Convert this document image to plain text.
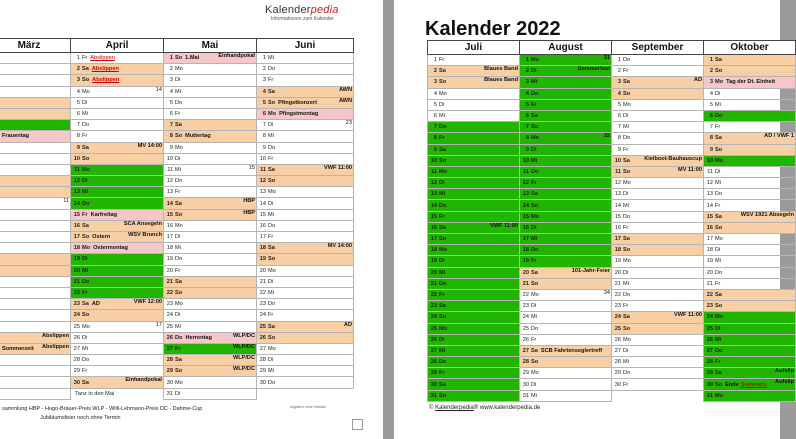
Kalenderpedia
Informationen zum Kalender
März	April	Mai	Juni
	1 Fr Abslippen	1 So 1.Mai Einhandpokal	1 Mi
	2 Sa Abslippen	2 Mo	2 Do
	3 So Abslippen	3 Di	3 Fr
	4 Mo 14	4 Mi	4 Sa AWN

	5 Di	5 Do	5 So Pfingstkonzert AWN

	6 Mi	6 Fr	6 Mo Pfingstmontag
	7 Do	7 Sa	7 Di 23

Frauentag	8 Fr	8 So Muttertag	8 Mi
	9 Sa MV 14:00	9 Mo	9 Do
	10 So	10 Di	10 Fr
	11 Mo	11 Mi 15	11 Sa VWF 11:00

	12 Di	12 Do	12 So
	13 Mi	13 Fr	13 Mo

11	14 Do	14 Sa HBP	14 Di
	15 Fr Karfreitag	15 So HBP	15 Mi
	16 Sa SCA Ansegeln	16 Mo	16 Do
	17 So Ostern WSV Brunch	17 Di	17 Fr
	18 Mo Ostermontag	18 Mi	18 Sa MV 14:00

	19 Di	19 Do	19 So
	20 Mi	20 Fr	20 Mo
	21 Do	21 Sa	21 Di
	22 Fr	22 So	22 Mi
	23 Sa AD VWF 12:00	23 Mo	23 Do
	24 So	24 Di	24 Fr
	25 Mo 17	25 Mi	25 Sa AD

Abslippen	26 Di	26 Do Herrentag WLP/DC	26 So
Sommerzeit Abslippen	27 Mi	27 Fr WLP/DC	27 Mo
	28 Do	28 Sa WLP/DC	28 Di
	29 Fr	29 So WLP/DC	29 Mi
	30 Sa Einhandpokal	30 Mo	30 Do
	Tanz in den Mai	31 Di	
sammlung HBP - Hugo-Bräuer-Preis WLP - Willi-Lehmann-Preis DC - Dahme-Cup
Jubiläumsfeier noch ohne Termin
Angaben ohne Gewähr
Kalender 2022
Juli	August	September	Oktober
1 Fr	1 Mo 31	1 Do	1 Sa
2 Sa Blaues Band	2 Di Sommerfest	2 Fr	2 So
3 So Blaues Band	3 Mi	3 Sa AD	3 Mo Tag der Dt. Einheit
4 Mo	4 Do	4 So	4 Di
5 Di	5 Fr	5 Mo	5 Mi
6 Mi	6 Sa	6 Di	6 Do
7 Do	7 So	7 Mi	7 Fr
8 Fr	8 Mo 32	8 Do	8 Sa AD / VWF 1

9 Sa	9 Di	9 Fr	9 So
10 So	10 Mi	10 Sa Kielboot-Bauhauscup	10 Mo
11 Mo	11 Do	11 So MV 11:00	11 Di
12 Di	12 Fr	12 Mo	12 Mi
13 Mi	13 Sa	13 Di	13 Do
14 Do	14 So	14 Mi	14 Fr
15 Fr	15 Mo	15 Do	15 Sa WSV 1921 Absegeln

16 Sa VWF 11:00	16 Di	16 Fr	16 So
17 So	17 Mi	17 Sa	17 Mo
18 Mo	18 Do	18 So	18 Di
19 Di	19 Fr	19 Mo	19 Mi
20 Mi	20 Sa 101-Jahr-Feier	20 Di	20 Do
21 Do	21 So	21 Mi	21 Fr
22 Fr	22 Mo 34	22 Do	22 Sa
23 Sa	23 Di	23 Fr	23 So
24 So	24 Mi	24 Sa VWF 11:00	24 Mo
25 Mo	25 Do	25 So	25 Di
26 Di	26 Fr	26 Mo	26 Mi
27 Mi	27 Sa SCB Fahrtenseglertreff	27 Di	27 Do
28 Do	28 So	28 Mi	28 Fr
29 Fr	29 Mo	29 Do	29 Sa Aufslip

30 Sa	30 Di	30 Fr	30 So Ende Sommerz. Aufslip

31 So	31 Mi		31 Mo
© Kalenderpedia® www.kalenderpedia.de
